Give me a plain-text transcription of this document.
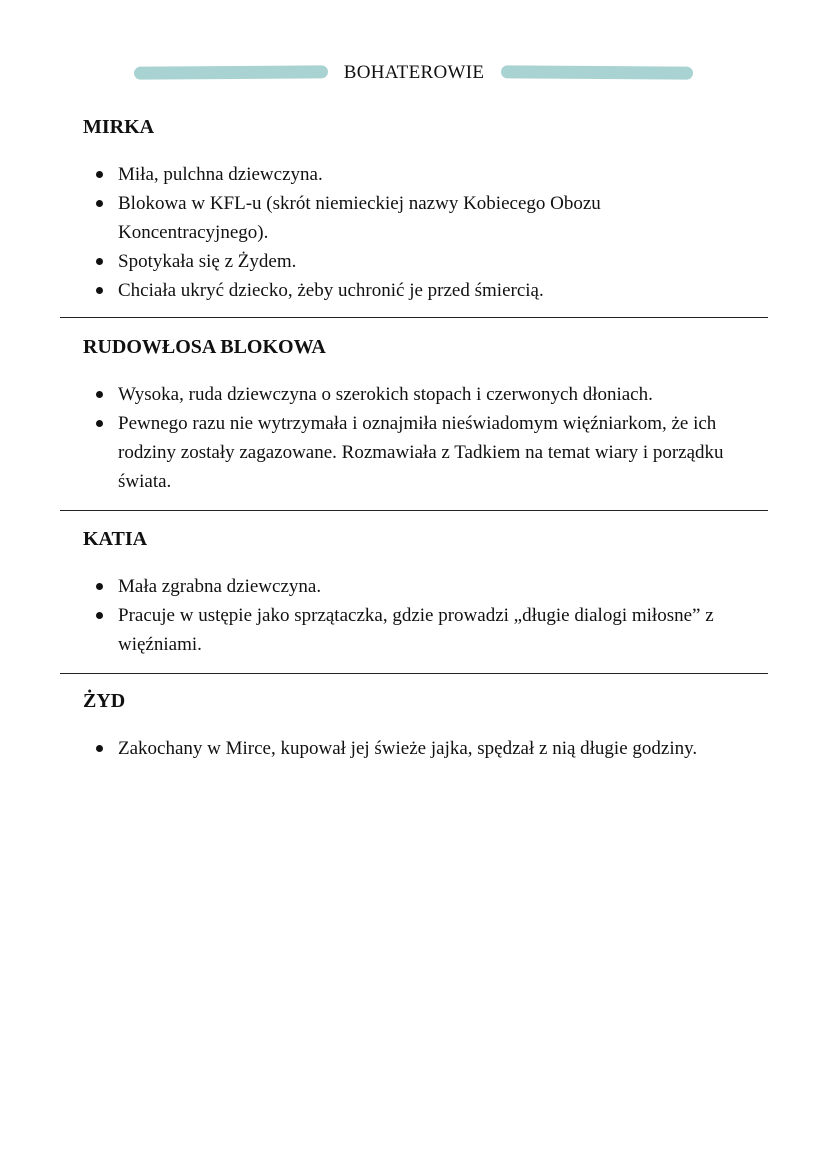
BOHATEROWIE
MIRKA
Miła, pulchna dziewczyna.
Blokowa w KFL-u (skrót niemieckiej nazwy Kobiecego Obozu Koncentracyjnego).
Spotykała się z Żydem.
Chciała ukryć dziecko, żeby uchronić je przed śmiercią.
RUDOWŁOSA BLOKOWA
Wysoka, ruda dziewczyna o szerokich stopach i czerwonych dłoniach.
Pewnego razu nie wytrzymała i oznajmiła nieświadomym więźniarkom, że ich rodziny zostały zagazowane. Rozmawiała z Tadkiem na temat wiary i porządku świata.
KATIA
Mała zgrabna dziewczyna.
Pracuje w ustępie jako sprzątaczka, gdzie prowadzi „długie dialogi miłosne” z więźniami.
ŻYD
Zakochany w Mirce, kupował jej świeże jajka, spędzał z nią długie godziny.
